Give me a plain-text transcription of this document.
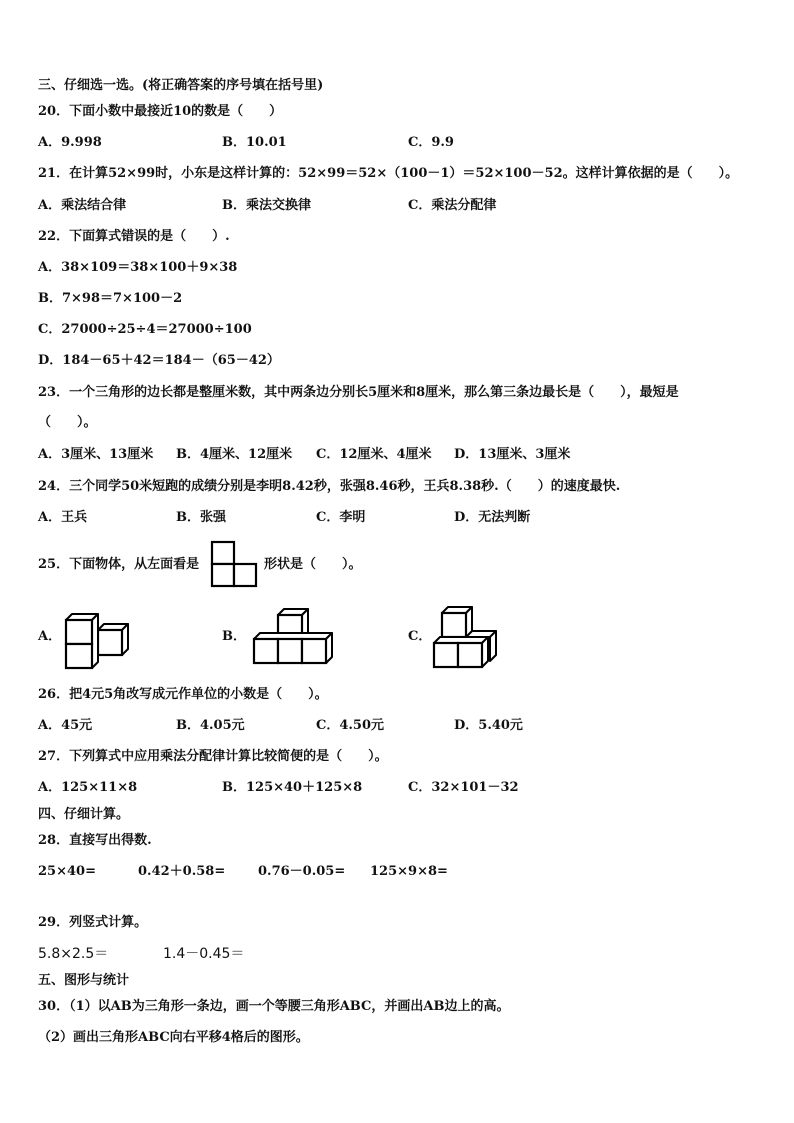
三、仔细选一选。(将正确答案的序号填在括号里)
20．下面小数中最接近10的数是（　　）
A．9.998	B．10.01	C．9.9
21．在计算52×99时，小东是这样计算的：52×99＝52×（100－1）＝52×100－52。这样计算依据的是（　　）。
A．乘法结合律	B．乘法交换律	C．乘法分配律
22．下面算式错误的是（　　）.
A．38×109＝38×100＋9×38
B．7×98＝7×100－2
C．27000÷25÷4＝27000÷100
D．184－65＋42＝184－（65－42）
23．一个三角形的边长都是整厘米数，其中两条边分别长5厘米和8厘米，那么第三条边最长是（　　），最短是
（　　）。
A．3厘米、13厘米 B．4厘米、12厘米 C．12厘米、4厘米 D．13厘米、3厘米
24．三个同学50米短跑的成绩分别是李明8.42秒，张强8.46秒，王兵8.38秒.（　　）的速度最快.
A．王兵	B．张强	C．李明	D．无法判断
25．下面物体，从左面看是	形状是（　　）。
A．	B．	C．
26．把4元5角改写成元作单位的小数是（　　）。
A．45元	B．4.05元	C．4.50元	D．5.40元
27．下列算式中应用乘法分配律计算比较简便的是（　　）。
A．125×11×8	B．125×40＋125×8	C．32×101－32
四、仔细计算。
28．直接写出得数.
25×40=	0.42＋0.58=	0.76－0.05= 125×9×8=
29．列竖式计算。
5.8×2.5＝	1.4－0.45＝
五、图形与统计
30．（1）以AB为三角形一条边，画一个等腰三角形ABC，并画出AB边上的高。
（2）画出三角形ABC向右平移4格后的图形。
